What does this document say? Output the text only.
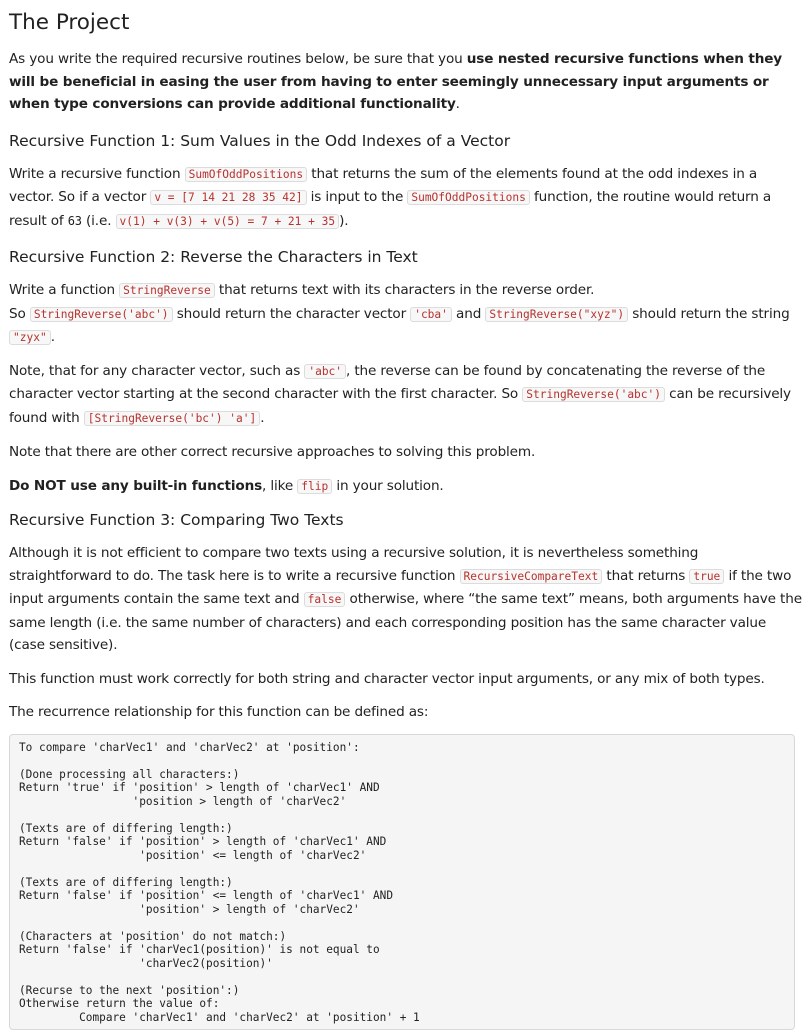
The Project

As you write the required recursive routines below, be sure that you use nested recursive functions when they will be beneficial in easing the user from having to enter seemingly unnecessary input arguments or when type conversions can provide additional functionality.

Recursive Function 1: Sum Values in the Odd Indexes of a Vector

Write a recursive function SumOfOddPositions that returns the sum of the elements found at the odd indexes in a vector. So if a vector v = [7 14 21 28 35 42] is input to the SumOfOddPositions function, the routine would return a result of 63 (i.e. v(1) + v(3) + v(5) = 7 + 21 + 35 ).

Recursive Function 2: Reverse the Characters in Text

Write a function StringReverse that returns text with its characters in the reverse order.
So StringReverse('abc') should return the character vector 'cba' and StringReverse("xyz") should return the string "zyx" .

Note, that for any character vector, such as 'abc' , the reverse can be found by concatenating the reverse of the character vector starting at the second character with the first character. So StringReverse('abc') can be recursively found with [StringReverse('bc') 'a'] .

Note that there are other correct recursive approaches to solving this problem.

Do NOT use any built-in functions, like flip in your solution.

Recursive Function 3: Comparing Two Texts

Although it is not efficient to compare two texts using a recursive solution, it is nevertheless something straightforward to do. The task here is to write a recursive function RecursiveCompareText that returns true if the two input arguments contain the same text and false otherwise, where “the same text” means, both arguments have the same length (i.e. the same number of characters) and each corresponding position has the same character value (case sensitive).

This function must work correctly for both string and character vector input arguments, or any mix of both types.

The recurrence relationship for this function can be defined as:

To compare 'charVec1' and 'charVec2' at 'position':

(Done processing all characters:)
Return 'true' if 'position' > length of 'charVec1' AND
'position > length of 'charVec2'

(Texts are of differing length:)
Return 'false' if 'position' > length of 'charVec1' AND
'position' <= length of 'charVec2'

(Texts are of differing length:)
Return 'false' if 'position' <= length of 'charVec1' AND
'position' > length of 'charVec2'

(Characters at 'position' do not match:)
Return 'false' if 'charVec1(position)' is not equal to
'charVec2(position)'

(Recurse to the next 'position':)
Otherwise return the value of:
Compare 'charVec1' and 'charVec2' at 'position' + 1
